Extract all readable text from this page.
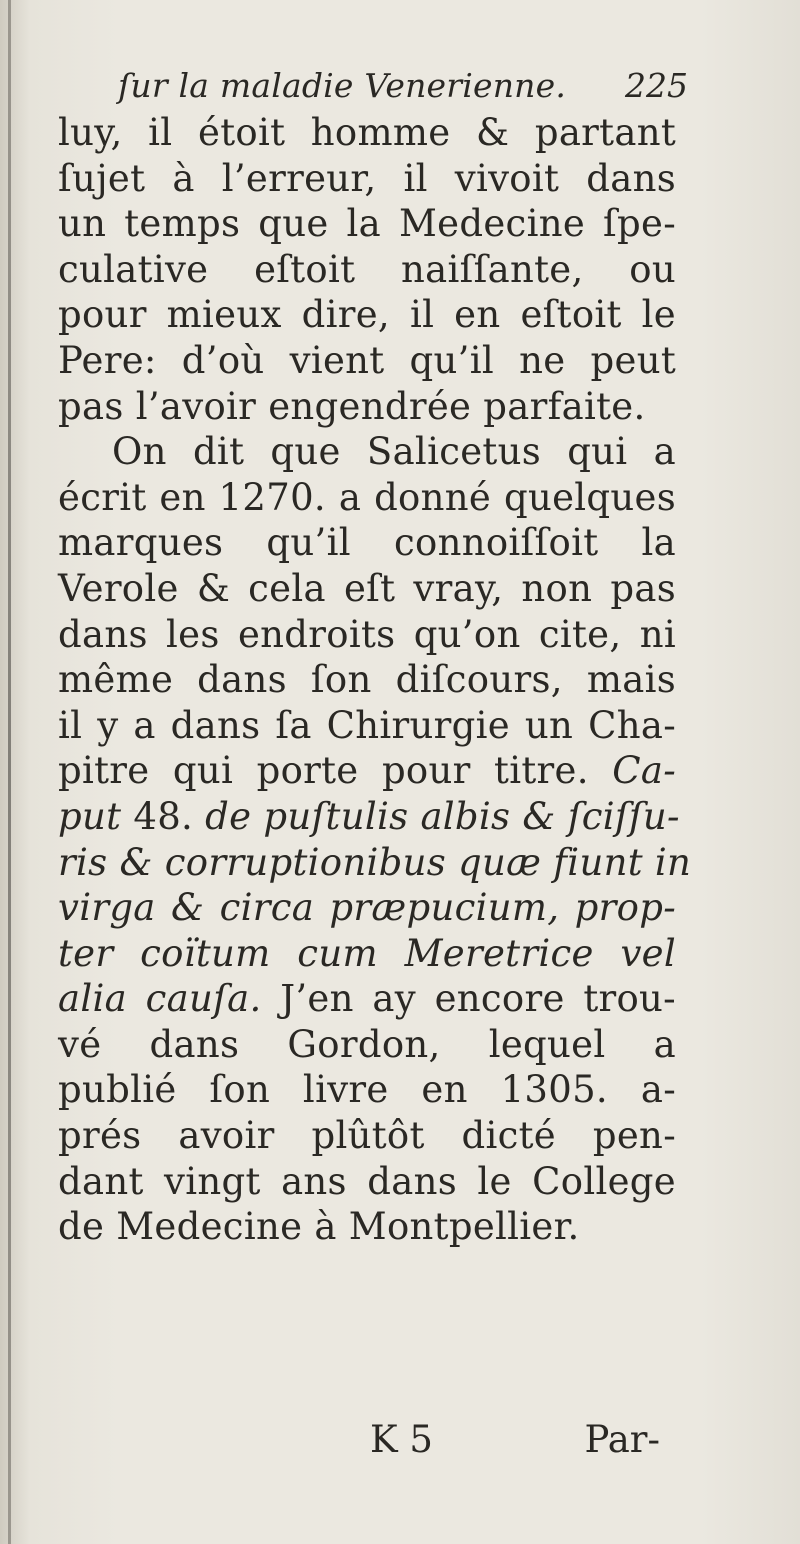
ſur la maladie Venerienne. 225
luy, il étoit homme & partant
ſujet à l’erreur, il vivoit dans
un temps que la Medecine ſpe-
culative eſtoit naiſſante, ou
pour mieux dire, il en eſtoit le
Pere: d’où vient qu’il ne peut
pas l’avoir engendrée parfaite.
On dit que Salicetus qui a
écrit en 1270. a donné quelques
marques qu’il connoiſſoit la
Verole & cela eſt vray, non pas
dans les endroits qu’on cite, ni
même dans ſon diſcours, mais
il y a dans ſa Chirurgie un Cha-
pitre qui porte pour titre. Ca-
put 48. de puſtulis albis & ſciſſu-
ris & corruptionibus quæ fiunt in
virga & circa præpucium, prop-
ter coïtum cum Meretrice vel
alia cauſa. J’en ay encore trou-
vé dans Gordon, lequel a
publié ſon livre en 1305. a-
prés avoir plûtôt dicté pen-
dant vingt ans dans le College
de Medecine à Montpellier.
K 5	Par-
